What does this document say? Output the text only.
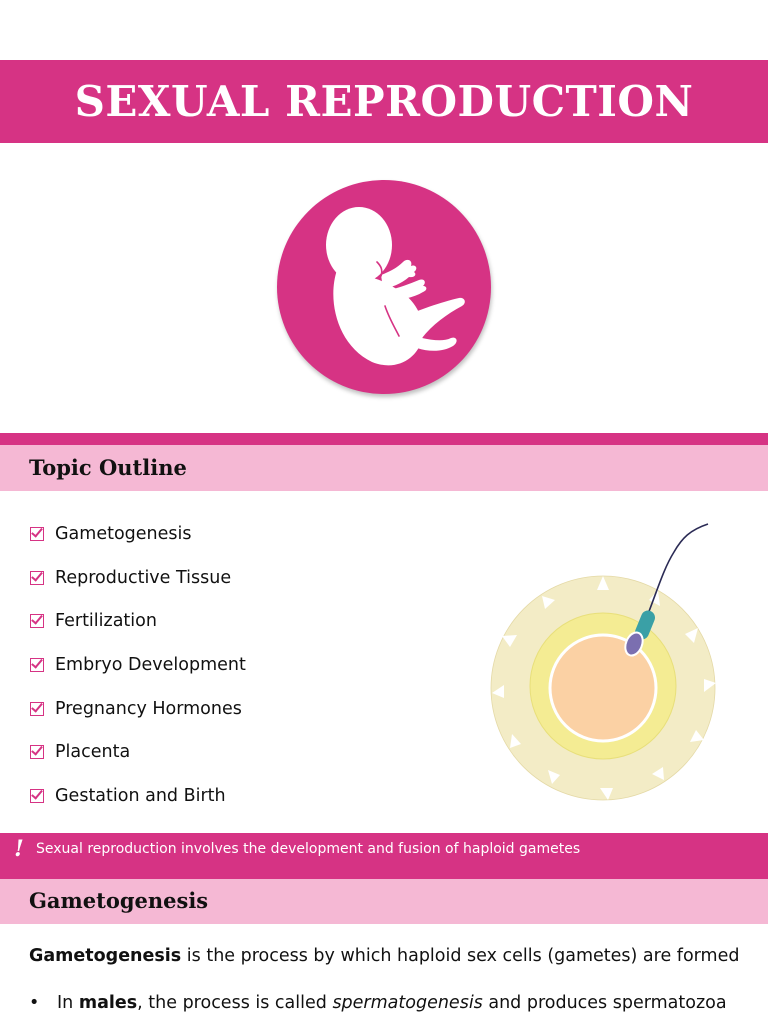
SEXUAL REPRODUCTION
Topic Outline
Gametogenesis
Reproductive Tissue
Fertilization
Embryo Development
Pregnancy Hormones
Placenta
Gestation and Birth
! Sexual reproduction involves the development and fusion of haploid gametes
Gametogenesis

Gametogenesis is the process by which haploid sex cells (gametes) are formed

• In males, the process is called spermatogenesis and produces spermatozoa
